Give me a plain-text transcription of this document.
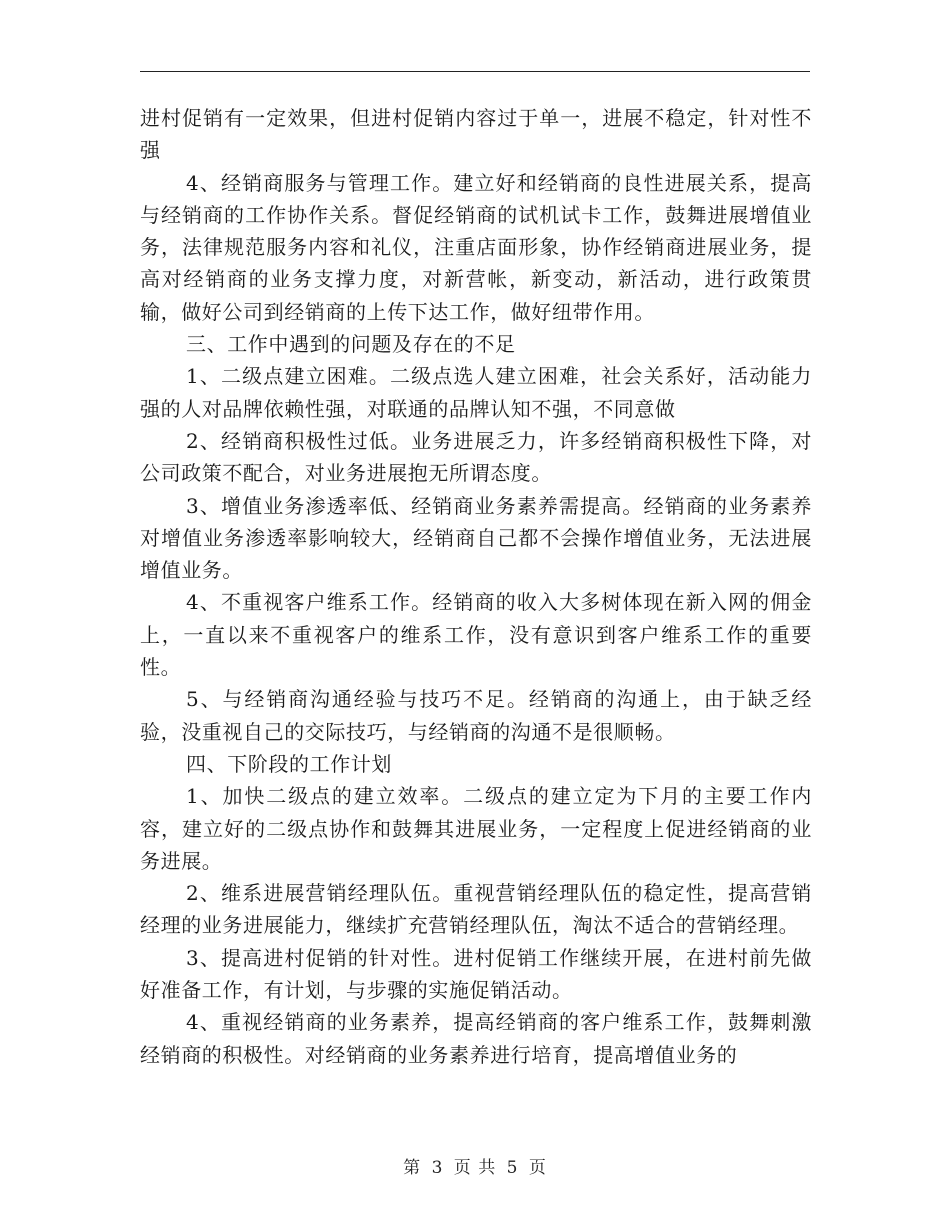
进村促销有一定效果，但进村促销内容过于单一，进展不稳定，针对性不强

4、经销商服务与管理工作。建立好和经销商的良性进展关系，提高与经销商的工作协作关系。督促经销商的试机试卡工作，鼓舞进展增值业务，法律规范服务内容和礼仪，注重店面形象，协作经销商进展业务，提高对经销商的业务支撑力度，对新营帐，新变动，新活动，进行政策贯输，做好公司到经销商的上传下达工作，做好纽带作用。

三、工作中遇到的问题及存在的不足

1、二级点建立困难。二级点选人建立困难，社会关系好，活动能力强的人对品牌依赖性强，对联通的品牌认知不强，不同意做

2、经销商积极性过低。业务进展乏力，许多经销商积极性下降，对公司政策不配合，对业务进展抱无所谓态度。

3、增值业务渗透率低、经销商业务素养需提高。经销商的业务素养对增值业务渗透率影响较大，经销商自己都不会操作增值业务，无法进展增值业务。

4、不重视客户维系工作。经销商的收入大多树体现在新入网的佣金上，一直以来不重视客户的维系工作，没有意识到客户维系工作的重要性。

5、与经销商沟通经验与技巧不足。经销商的沟通上，由于缺乏经验，没重视自己的交际技巧，与经销商的沟通不是很顺畅。

四、下阶段的工作计划

1、加快二级点的建立效率。二级点的建立定为下月的主要工作内容，建立好的二级点协作和鼓舞其进展业务，一定程度上促进经销商的业务进展。

2、维系进展营销经理队伍。重视营销经理队伍的稳定性，提高营销经理的业务进展能力，继续扩充营销经理队伍，淘汰不适合的营销经理。

3、提高进村促销的针对性。进村促销工作继续开展，在进村前先做好准备工作，有计划，与步骤的实施促销活动。

4、重视经销商的业务素养，提高经销商的客户维系工作，鼓舞刺激经销商的积极性。对经销商的业务素养进行培育，提高增值业务的

第 3 页 共 5 页
